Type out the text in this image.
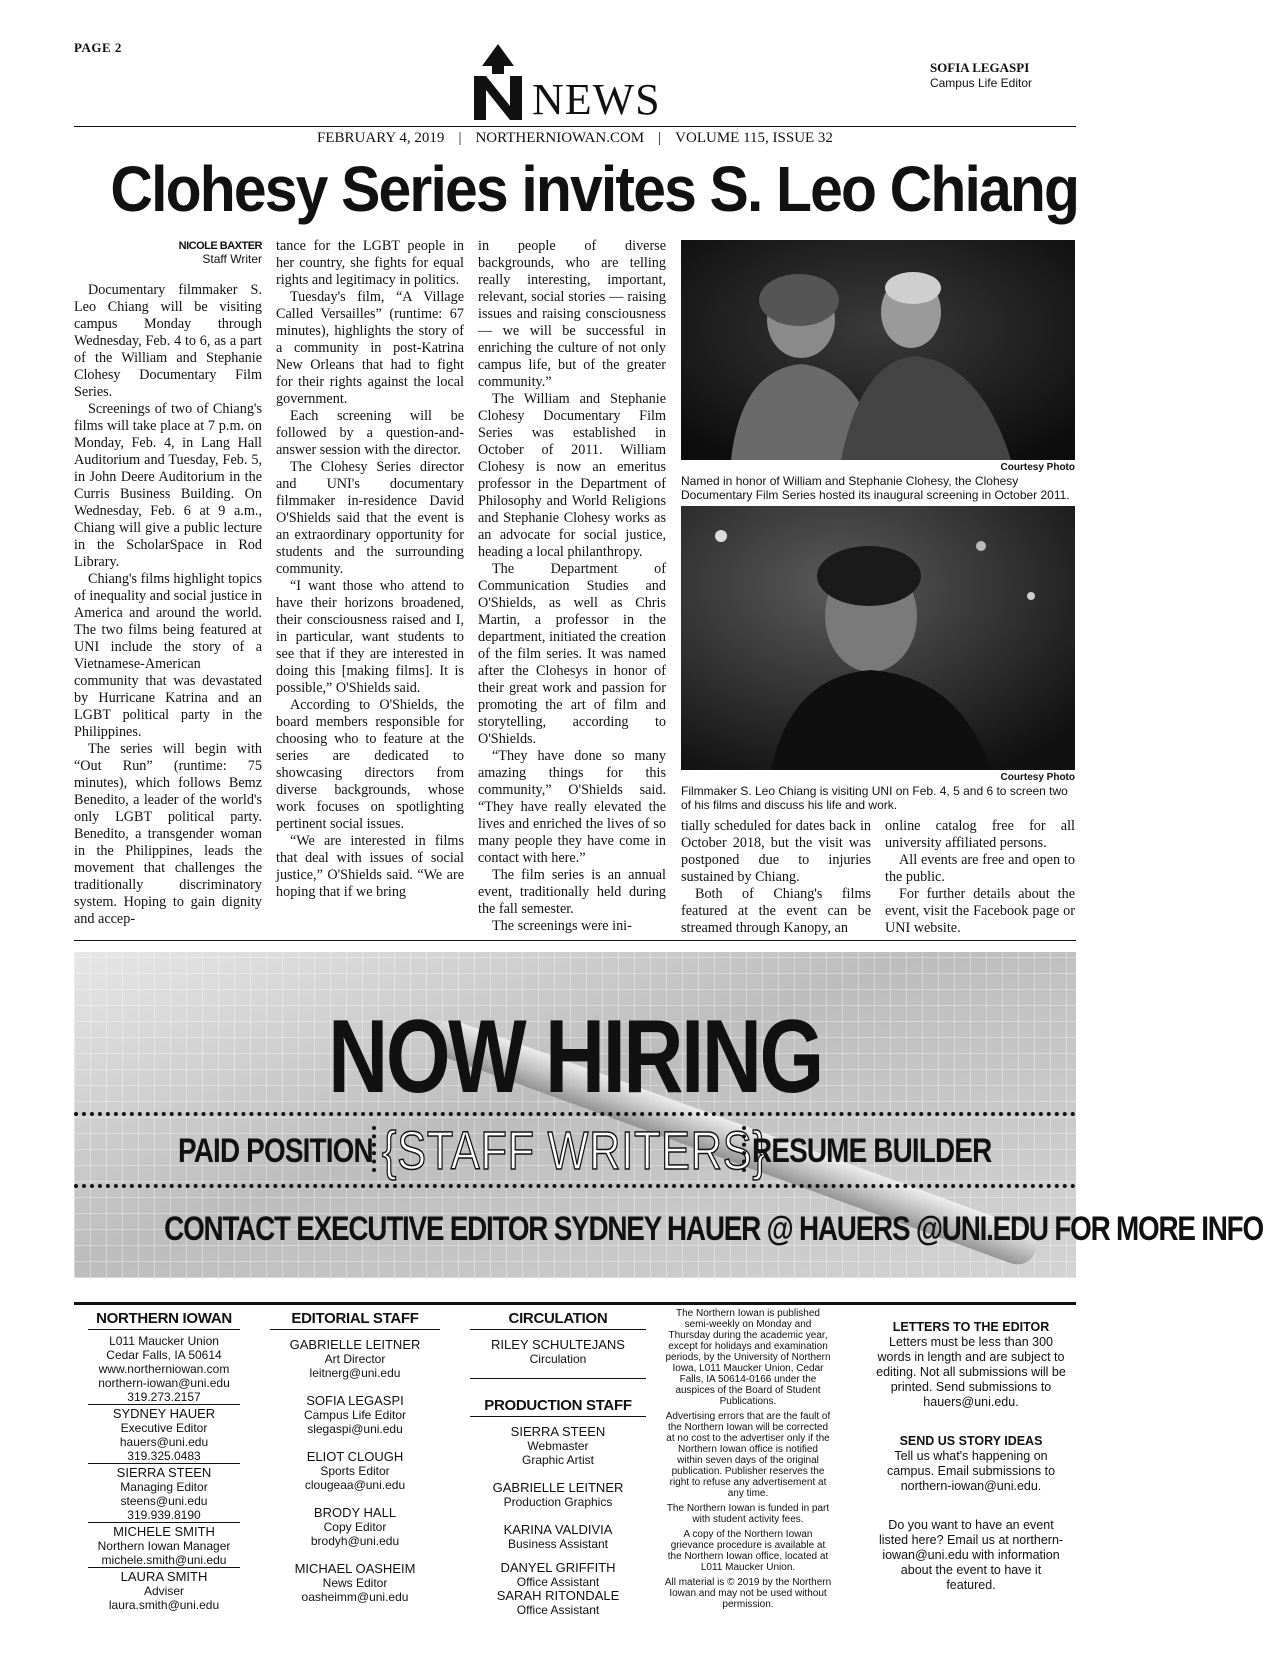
PAGE 2
NEWS
SOFIA LEGASPI
Campus Life Editor
FEBRUARY 4, 2019 | NORTHERNIOWAN.COM | VOLUME 115, ISSUE 32
Clohesy Series invites S. Leo Chiang
NICOLE BAXTER
Staff Writer

Documentary filmmaker S. Leo Chiang will be visiting campus Monday through Wednesday, Feb. 4 to 6, as a part of the William and Stephanie Clohesy Documentary Film Series.

Screenings of two of Chiang's films will take place at 7 p.m. on Monday, Feb. 4, in Lang Hall Auditorium and Tuesday, Feb. 5, in John Deere Auditorium in the Curris Business Building. On Wednesday, Feb. 6 at 9 a.m., Chiang will give a public lecture in the ScholarSpace in Rod Library.

Chiang's films highlight topics of inequality and social justice in America and around the world. The two films being featured at UNI include the story of a Vietnamese-American community that was devastated by Hurricane Katrina and an LGBT political party in the Philippines.

The series will begin with “Out Run” (runtime: 75 minutes), which follows Bemz Benedito, a leader of the world's only LGBT political party. Benedito, a transgender woman in the Philippines, leads the movement that challenges the traditionally discriminatory system. Hoping to gain dignity and accep-

tance for the LGBT people in her country, she fights for equal rights and legitimacy in politics.

Tuesday's film, “A Village Called Versailles” (runtime: 67 minutes), highlights the story of a community in post-Katrina New Orleans that had to fight for their rights against the local government.

Each screening will be followed by a question-and-answer session with the director.

The Clohesy Series director and UNI's documentary filmmaker in-residence David O'Shields said that the event is an extraordinary opportunity for students and the surrounding community.

“I want those who attend to have their horizons broadened, their consciousness raised and I, in particular, want students to see that if they are interested in doing this [making films]. It is possible,” O'Shields said.

According to O'Shields, the board members responsible for choosing who to feature at the series are dedicated to showcasing directors from diverse backgrounds, whose work focuses on spotlighting pertinent social issues.

“We are interested in films that deal with issues of social justice,” O'Shields said. “We are hoping that if we bring

in people of diverse backgrounds, who are telling really interesting, important, relevant, social stories — raising issues and raising consciousness — we will be successful in enriching the culture of not only campus life, but of the greater community.”

The William and Stephanie Clohesy Documentary Film Series was established in October of 2011. William Clohesy is now an emeritus professor in the Department of Philosophy and World Religions and Stephanie Clohesy works as an advocate for social justice, heading a local philanthropy.

The Department of Communication Studies and O'Shields, as well as Chris Martin, a professor in the department, initiated the creation of the film series. It was named after the Clohesys in honor of their great work and passion for promoting the art of film and storytelling, according to O'Shields.

“They have done so many amazing things for this community,” O'Shields said. “They have really elevated the lives and enriched the lives of so many people they have come in contact with here.”

The film series is an annual event, traditionally held during the fall semester.

The screenings were ini-

Courtesy Photo
Named in honor of William and Stephanie Clohesy, the Clohesy Documentary Film Series hosted its inaugural screening in October 2011.
Courtesy Photo
Filmmaker S. Leo Chiang is visiting UNI on Feb. 4, 5 and 6 to screen two of his films and discuss his life and work.

tially scheduled for dates back in October 2018, but the visit was postponed due to injuries sustained by Chiang.

Both of Chiang's films featured at the event can be streamed through Kanopy, an

online catalog free for all university affiliated persons.

All events are free and open to the public.

For further details about the event, visit the Facebook page or UNI website.

NOW HIRING
PAID POSITION {STAFF WRITERS}
RESUME BUILDER
CONTACT EXECUTIVE EDITOR SYDNEY HAUER @ HAUERS @UNI.EDU FOR MORE INFO
NORTHERN IOWAN
L011 Maucker Union
Cedar Falls, IA 50614
www.northerniowan.com
northern-iowan@uni.edu
319.273.2157
SYDNEY HAUER
Executive Editor
hauers@uni.edu
319.325.0483
SIERRA STEEN
Managing Editor
steens@uni.edu
319.939.8190
MICHELE SMITH
Northern Iowan Manager
michele.smith@uni.edu
LAURA SMITH
Adviser
laura.smith@uni.edu
EDITORIAL STAFF
GABRIELLE LEITNER
Art Director
leitnerg@uni.edu
SOFIA LEGASPI
Campus Life Editor
slegaspi@uni.edu
ELIOT CLOUGH
Sports Editor
clougeaa@uni.edu
BRODY HALL
Copy Editor
brodyh@uni.edu
MICHAEL OASHEIM
News Editor
oasheimm@uni.edu
CIRCULATION
RILEY SCHULTEJANS
Circulation
PRODUCTION STAFF
SIERRA STEEN
Webmaster
Graphic Artist
GABRIELLE LEITNER
Production Graphics
KARINA VALDIVIA
Business Assistant
DANYEL GRIFFITH
Office Assistant
SARAH RITONDALE
Office Assistant

The Northern Iowan is published semi-weekly on Monday and Thursday during the academic year, except for holidays and examination periods, by the University of Northern Iowa, L011 Maucker Union, Cedar Falls, IA 50614-0166 under the auspices of the Board of Student Publications.

Advertising errors that are the fault of the Northern Iowan will be corrected at no cost to the advertiser only if the Northern Iowan office is notified within seven days of the original publication. Publisher reserves the right to refuse any advertisement at any time.

The Northern Iowan is funded in part with student activity fees.

A copy of the Northern Iowan grievance procedure is available at the Northern Iowan office, located at L011 Maucker Union.

All material is © 2019 by the Northern Iowan and may not be used without permission.

LETTERS TO THE EDITOR
Letters must be less than 300 words in length and are subject to editing. Not all submissions will be printed. Send submissions to hauers@uni.edu.
SEND US STORY IDEAS
Tell us what's happening on campus. Email submissions to northern-iowan@uni.edu.
Do you want to have an event listed here? Email us at northern-iowan@uni.edu with information about the event to have it featured.
